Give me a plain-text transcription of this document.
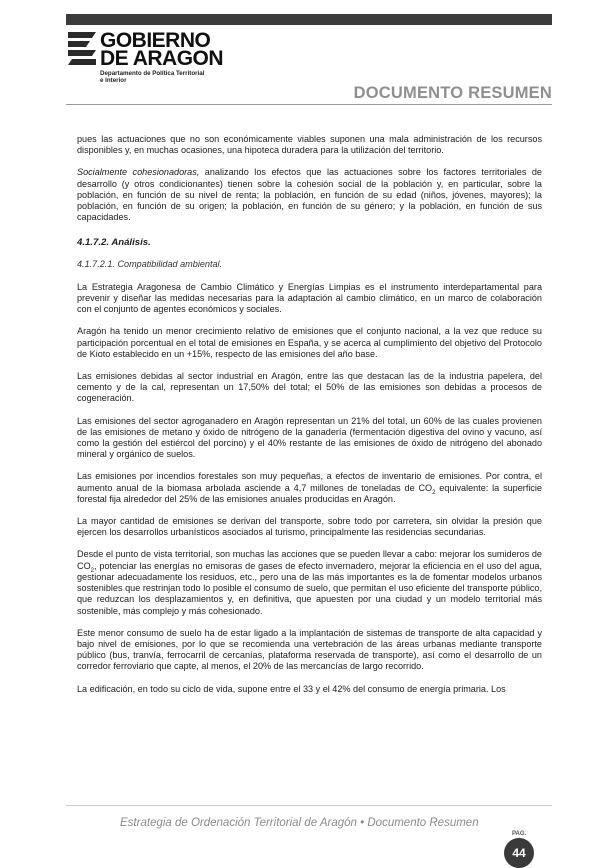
GOBIERNO
DE ARAGON
Departamento de Política Territorial
e Interior
DOCUMENTO RESUMEN

pues las actuaciones que no son económicamente viables suponen una mala administración de los recursos disponibles y, en muchas ocasiones, una hipoteca duradera para la utilización del territorio.

Socialmente cohesionadoras, analizando los efectos que las actuaciones sobre los factores territoriales de desarrollo (y otros condicionantes) tienen sobre la cohesión social de la población y, en particular, sobre la población, en función de su nivel de renta; la población, en función de su edad (niños, jóvenes, mayores); la población, en función de su origen; la población, en función de su género; y la población, en función de sus capacidades.

4.1.7.2. Análisis.

4.1.7.2.1. Compatibilidad ambiental.

La Estrategia Aragonesa de Cambio Climático y Energías Limpias es el instrumento interdepartamental para prevenir y diseñar las medidas necesarias para la adaptación al cambio climático, en un marco de colaboración con el conjunto de agentes económicos y sociales.

Aragón ha tenido un menor crecimiento relativo de emisiones que el conjunto nacional, a la vez que reduce su participación porcentual en el total de emisiones en España, y se acerca al cumplimiento del objetivo del Protocolo de Kioto establecido en un +15%, respecto de las emisiones del año base.

Las emisiones debidas al sector industrial en Aragón, entre las que destacan las de la industria papelera, del cemento y de la cal, representan un 17,50% del total; el 50% de las emisiones son debidas a procesos de cogeneración.

Las emisiones del sector agroganadero en Aragón representan un 21% del total, un 60% de las cuales provienen de las emisiones de metano y óxido de nitrógeno de la ganadería (fermentación digestiva del ovino y vacuno, así como la gestión del estiércol del porcino) y el 40% restante de las emisiones de óxido de nitrógeno del abonado mineral y orgánico de suelos.

Las emisiones por incendios forestales son muy pequeñas, a efectos de inventario de emisiones. Por contra, el aumento anual de la biomasa arbolada asciende a 4,7 millones de toneladas de $CO_2$ equivalente: la superficie forestal fija alrededor del 25% de las emisiones anuales producidas en Aragón.

La mayor cantidad de emisiones se derivan del transporte, sobre todo por carretera, sin olvidar la presión que ejercen los desarrollos urbanísticos asociados al turismo, principalmente las residencias secundarias.

Desde el punto de vista territorial, son muchas las acciones que se pueden llevar a cabo: mejorar los sumideros de $CO_2$, potenciar las energías no emisoras de gases de efecto invernadero, mejorar la eficiencia en el uso del agua, gestionar adecuadamente los residuos, etc., pero una de las más importantes es la de fomentar modelos urbanos sostenibles que restrinjan todo lo posible el consumo de suelo, que permitan el uso eficiente del transporte público, que reduzcan los desplazamientos y, en definitiva, que apuesten por una ciudad y un modelo territorial más sostenible, más complejo y más cohesionado.

Este menor consumo de suelo ha de estar ligado a la implantación de sistemas de transporte de alta capacidad y bajo nivel de emisiones, por lo que se recomienda una vertebración de las áreas urbanas mediante transporte público (bus, tranvía, ferrocarril de cercanías, plataforma reservada de transporte), así como el desarrollo de un corredor ferroviario que capte, al menos, el 20% de las mercancías de largo recorrido.

La edificación, en todo su ciclo de vida, supone entre el 33 y el 42% del consumo de energía primaria. Los

Estrategia de Ordenación Territorial de Aragón • Documento Resumen
PAG.
44
